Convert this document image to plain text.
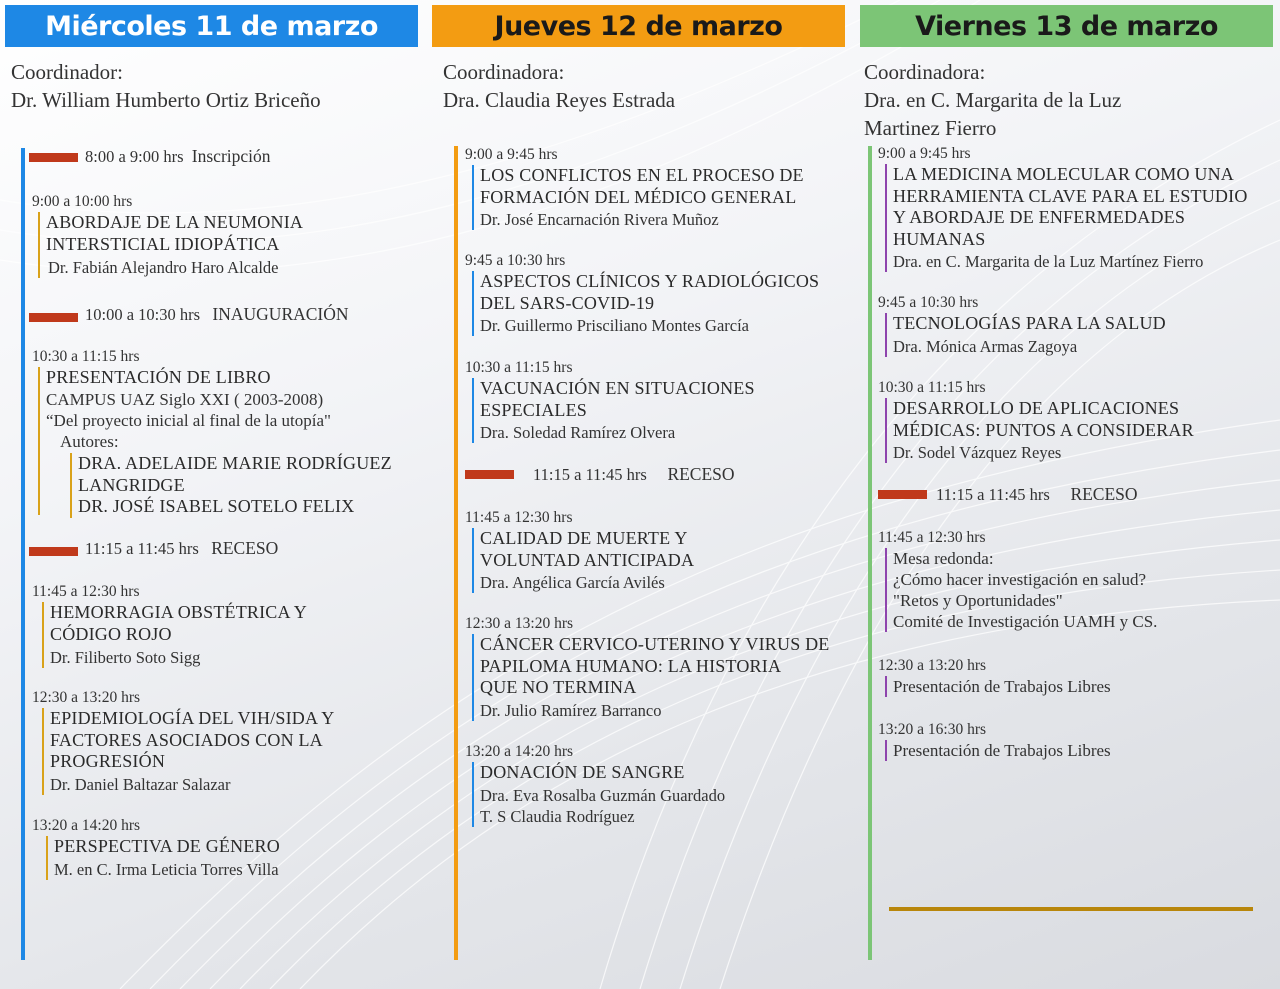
Miércoles 11 de marzo
Coordinador:
Dr. William Humberto Ortiz Briceño
8:00 a 9:00 hrs Inscripción
9:00 a 10:00 hrs
ABORDAJE DE LA NEUMONIA
INTERSTICIAL IDIOPÁTICA
Dr. Fabián Alejandro Haro Alcalde
10:00 a 10:30 hrs INAUGURACIÓN
10:30 a 11:15 hrs
PRESENTACIÓN DE LIBRO
CAMPUS UAZ Siglo XXI ( 2003-2008)
“Del proyecto inicial al final de la utopía"
Autores:
DRA. ADELAIDE MARIE RODRÍGUEZ
LANGRIDGE
DR. JOSÉ ISABEL SOTELO FELIX
11:15 a 11:45 hrs RECESO
11:45 a 12:30 hrs
HEMORRAGIA OBSTÉTRICA Y
CÓDIGO ROJO
Dr. Filiberto Soto Sigg
12:30 a 13:20 hrs
EPIDEMIOLOGÍA DEL VIH/SIDA Y
FACTORES ASOCIADOS CON LA
PROGRESIÓN
Dr. Daniel Baltazar Salazar
13:20 a 14:20 hrs
PERSPECTIVA DE GÉNERO
M. en C. Irma Leticia Torres Villa
Jueves 12 de marzo
Coordinadora:
Dra. Claudia Reyes Estrada
9:00 a 9:45 hrs
LOS CONFLICTOS EN EL PROCESO DE
FORMACIÓN DEL MÉDICO GENERAL
Dr. José Encarnación Rivera Muñoz
9:45 a 10:30 hrs
ASPECTOS CLÍNICOS Y RADIOLÓGICOS
DEL SARS-COVID-19
Dr. Guillermo Prisciliano Montes García
10:30 a 11:15 hrs
VACUNACIÓN EN SITUACIONES
ESPECIALES
Dra. Soledad Ramírez Olvera
11:15 a 11:45 hrs RECESO
11:45 a 12:30 hrs
CALIDAD DE MUERTE Y
VOLUNTAD ANTICIPADA
Dra. Angélica García Avilés
12:30 a 13:20 hrs
CÁNCER CERVICO-UTERINO Y VIRUS DE
PAPILOMA HUMANO: LA HISTORIA
QUE NO TERMINA
Dr. Julio Ramírez Barranco
13:20 a 14:20 hrs
DONACIÓN DE SANGRE
Dra. Eva Rosalba Guzmán Guardado
T. S Claudia Rodríguez
Viernes 13 de marzo
Coordinadora:
Dra. en C. Margarita de la Luz
Martinez Fierro
9:00 a 9:45 hrs
LA MEDICINA MOLECULAR COMO UNA
HERRAMIENTA CLAVE PARA EL ESTUDIO
Y ABORDAJE DE ENFERMEDADES
HUMANAS
Dra. en C. Margarita de la Luz Martínez Fierro
9:45 a 10:30 hrs
TECNOLOGÍAS PARA LA SALUD
Dra. Mónica Armas Zagoya
10:30 a 11:15 hrs
DESARROLLO DE APLICACIONES
MÉDICAS: PUNTOS A CONSIDERAR
Dr. Sodel Vázquez Reyes
11:15 a 11:45 hrs RECESO
11:45 a 12:30 hrs
Mesa redonda:
¿Cómo hacer investigación en salud?
"Retos y Oportunidades"
Comité de Investigación UAMH y CS.
12:30 a 13:20 hrs
Presentación de Trabajos Libres
13:20 a 16:30 hrs
Presentación de Trabajos Libres
